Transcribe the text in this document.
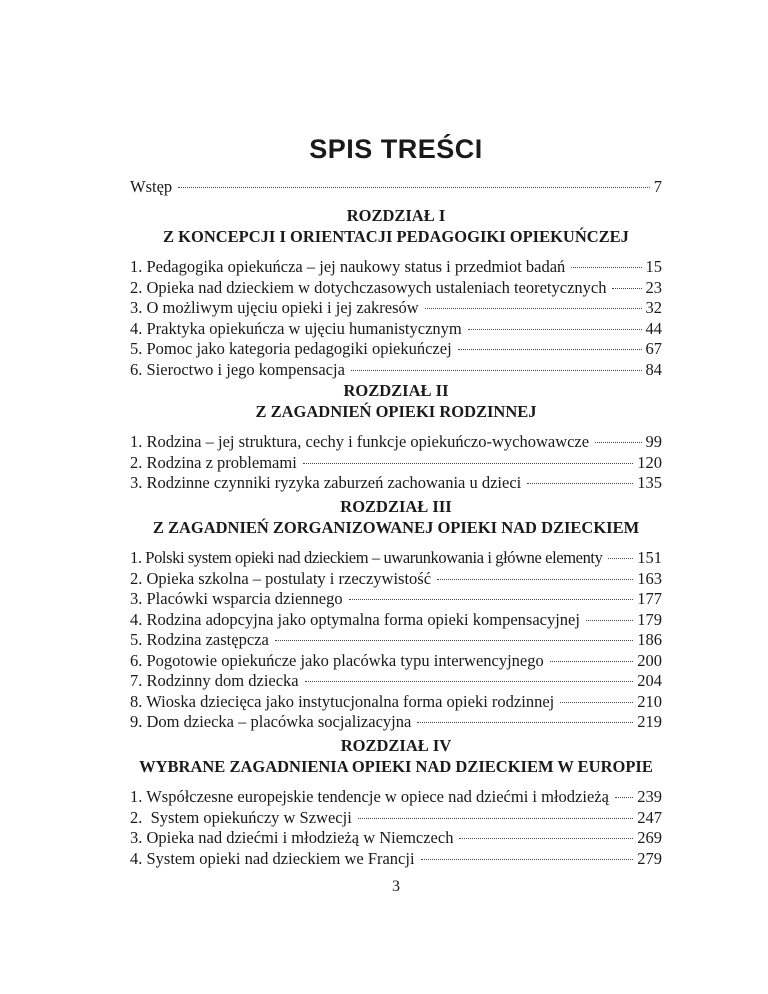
SPIS TREŚCI
Wstęp	7
ROZDZIAŁ I
Z KONCEPCJI I ORIENTACJI PEDAGOGIKI OPIEKUŃCZEJ
1. Pedagogika opiekuńcza – jej naukowy status i przedmiot badań	15
2. Opieka nad dzieckiem w dotychczasowych ustaleniach teoretycznych 23
3. O możliwym ujęciu opieki i jej zakresów	32
4. Praktyka opiekuńcza w ujęciu humanistycznym	44
5. Pomoc jako kategoria pedagogiki opiekuńczej	67
6. Sieroctwo i jego kompensacja	84
ROZDZIAŁ II
Z ZAGADNIEŃ OPIEKI RODZINNEJ
1. Rodzina – jej struktura, cechy i funkcje opiekuńczo-wychowawcze	99
2. Rodzina z problemami	120
3. Rodzinne czynniki ryzyka zaburzeń zachowania u dzieci	135
ROZDZIAŁ III
Z ZAGADNIEŃ ZORGANIZOWANEJ OPIEKI NAD DZIECKIEM
1. Polski system opieki nad dzieckiem – uwarunkowania i główne elementy 151
2. Opieka szkolna – postulaty i rzeczywistość	163
3. Placówki wsparcia dziennego	177
4. Rodzina adopcyjna jako optymalna forma opieki kompensacyjnej	179
5. Rodzina zastępcza	186
6. Pogotowie opiekuńcze jako placówka typu interwencyjnego	200
7. Rodzinny dom dziecka	204
8. Wioska dziecięca jako instytucjonalna forma opieki rodzinnej	210
9. Dom dziecka – placówka socjalizacyjna	219
ROZDZIAŁ IV
WYBRANE ZAGADNIENIA OPIEKI NAD DZIECKIEM W EUROPIE
1. Współczesne europejskie tendencje w opiece nad dziećmi i młodzieżą 239
2.  System opiekuńczy w Szwecji	247
3. Opieka nad dziećmi i młodzieżą w Niemczech	269
4. System opieki nad dzieckiem we Francji	279
3
